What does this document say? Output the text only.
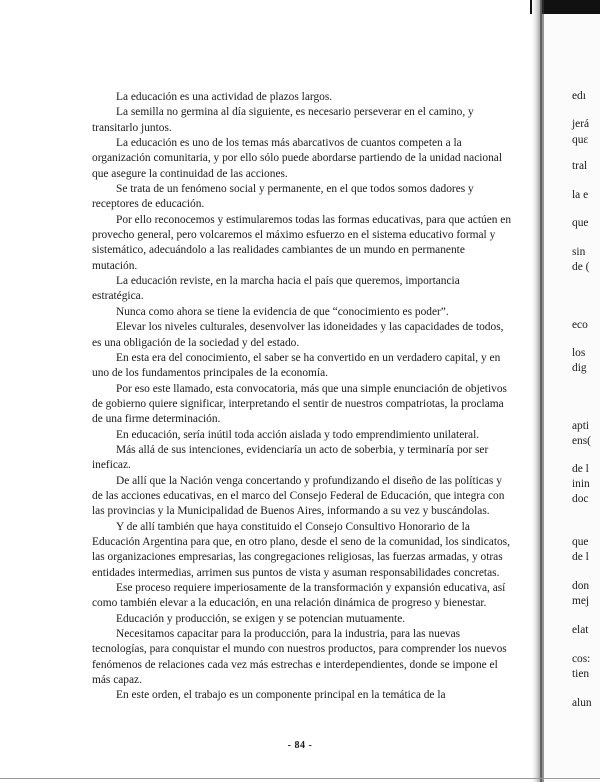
La educación es una actividad de plazos largos.

La semilla no germina al día siguiente, es necesario perseverar en el camino, y transitarlo juntos.

La educación es uno de los temas más abarcativos de cuantos competen a la organización comunitaria, y por ello sólo puede abordarse partiendo de la unidad nacional que asegure la continuidad de las acciones.

Se trata de un fenómeno social y permanente, en el que todos somos dadores y receptores de educación.

Por ello reconocemos y estimularemos todas las formas educativas, para que actúen en provecho general, pero volcaremos el máximo esfuerzo en el sistema educativo formal y sistemático, adecuándolo a las realidades cambiantes de un mundo en permanente mutación.

La educación reviste, en la marcha hacia el país que queremos, importancia estratégica.

Nunca como ahora se tiene la evidencia de que “conocimiento es poder”.

Elevar los niveles culturales, desenvolver las idoneidades y las capacidades de todos, es una obligación de la sociedad y del estado.

En esta era del conocimiento, el saber se ha convertido en un verdadero capital, y en uno de los fundamentos principales de la economía.

Por eso este llamado, esta convocatoria, más que una simple enunciación de objetivos de gobierno quiere significar, interpretando el sentir de nuestros compatriotas, la proclama de una firme determinación.

En educación, sería inútil toda acción aislada y todo emprendimiento unilateral.

Más allá de sus intenciones, evidenciaría un acto de soberbia, y terminaría por ser ineficaz.

De allí que la Nación venga concertando y profundizando el diseño de las políticas y de las acciones educativas, en el marco del Consejo Federal de Educación, que integra con las provincias y la Municipalidad de Buenos Aires, informando a su vez y buscándolas.

Y de allí también que haya constituido el Consejo Consultivo Honorario de la Educación Argentina para que, en otro plano, desde el seno de la comunidad, los sindicatos, las organizaciones empresarias, las congregaciones religiosas, las fuerzas armadas, y otras entidades intermedias, arrimen sus puntos de vista y asuman responsabilidades concretas.

Ese proceso requiere imperiosamente de la transformación y expansión educativa, así como también elevar a la educación, en una relación dinámica de progreso y bienestar.

Educación y producción, se exigen y se potencian mutuamente.

Necesitamos capacitar para la producción, para la industria, para las nuevas tecnologías, para conquistar el mundo con nuestros productos, para comprender los nuevos fenómenos de relaciones cada vez más estrechas e interdependientes, donde se impone el más capaz.

En este orden, el trabajo es un componente principal en la temática de la

- 84 -
edı
jerá
quε
tral
la e
que
sin
de (
eco
los
dig
apti
ens(
de l
inin
doc
que
de l
don
mej
elat
cos:
tien
alun
